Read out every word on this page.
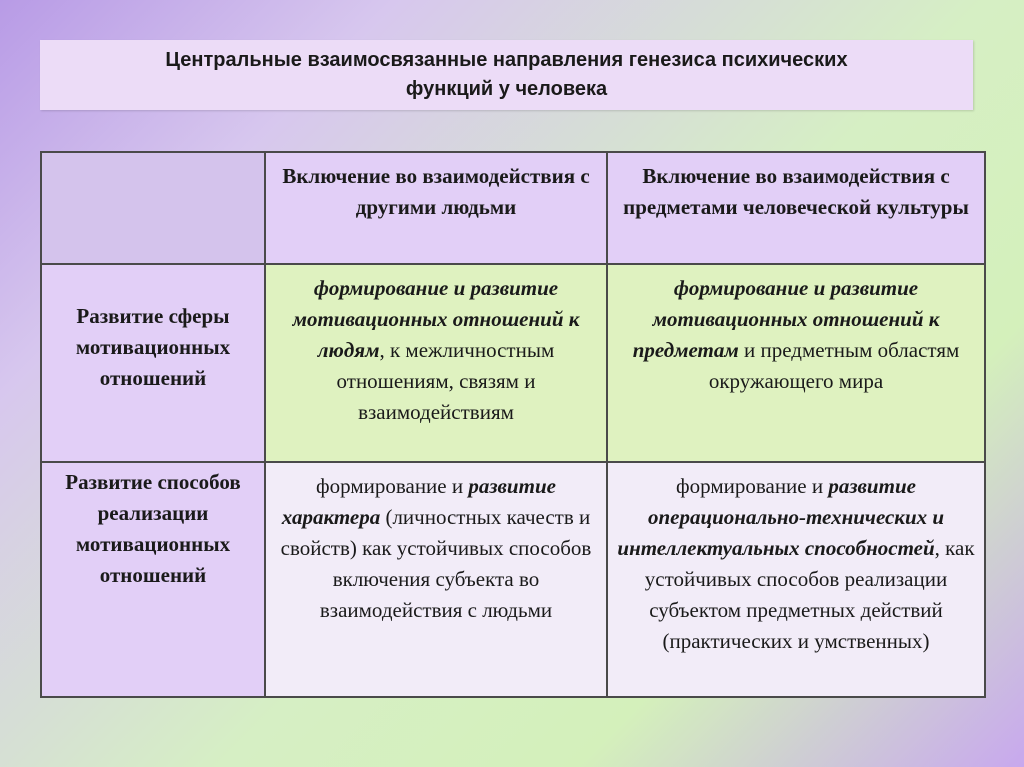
Центральные взаимосвязанные направления генезиса психических
функций у человека
	Включение во взаимодействия с другими людьми	Включение во взаимодействия с предметами человеческой культуры
Развитие сферы мотивационных отношений	формирование и развитие мотивационных отношений к людям, к межличностным отношениям, связям и взаимодействиям	формирование и развитие мотивационных отношений к предметам и предметным областям окружающего мира
Развитие способов реализации мотивационных отношений	формирование и развитие характера (личностных качеств и свойств) как устойчивых способов включения субъекта во взаимодействия с людьми	формирование и развитие операционально-технических и интеллектуальных способностей, как устойчивых способов реализации субъектом предметных действий (практических и умственных)
